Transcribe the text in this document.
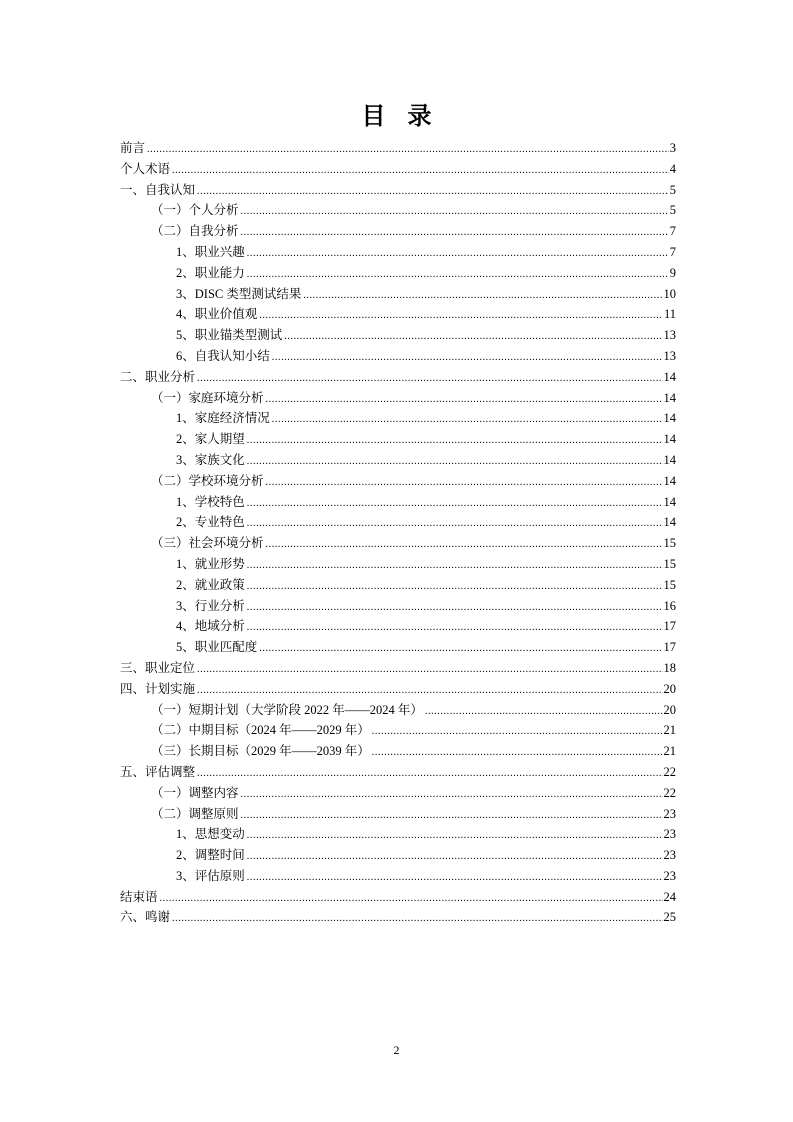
目录
前言 .....	3
个人术语 .....	4
一、自我认知 .....	5
（一）个人分析 .....	5
（二）自我分析 .....	7
1、职业兴趣 .....	7
2、职业能力 .....	9
3、DISC 类型测试结果 .....	10
4、职业价值观 .....	11
5、职业锚类型测试 .....	13
6、自我认知小结 .....	13
二、职业分析 .....	14
（一）家庭环境分析 .....	14
1、家庭经济情况 .....	14
2、家人期望 .....	14
3、家族文化 .....	14
（二）学校环境分析 .....	14
1、学校特色 .....	14
2、专业特色 .....	14
（三）社会环境分析 .....	15
1、就业形势 .....	15
2、就业政策 .....	15
3、行业分析 .....	16
4、地域分析 .....	17
5、职业匹配度 .....	17
三、职业定位 .....	18
四、计划实施 .....	20
（一）短期计划（大学阶段 2022 年——2024 年） .....	20
（二）中期目标（2024 年——2029 年） .....	21
（三）长期目标（2029 年——2039 年） .....	21
五、评估调整 .....	22
（一）调整内容 .....	22
（二）调整原则 .....	23
1、思想变动 .....	23
2、调整时间 .....	23
3、评估原则 .....	23
结束语 .....	24
六、鸣谢 .....	25
2
